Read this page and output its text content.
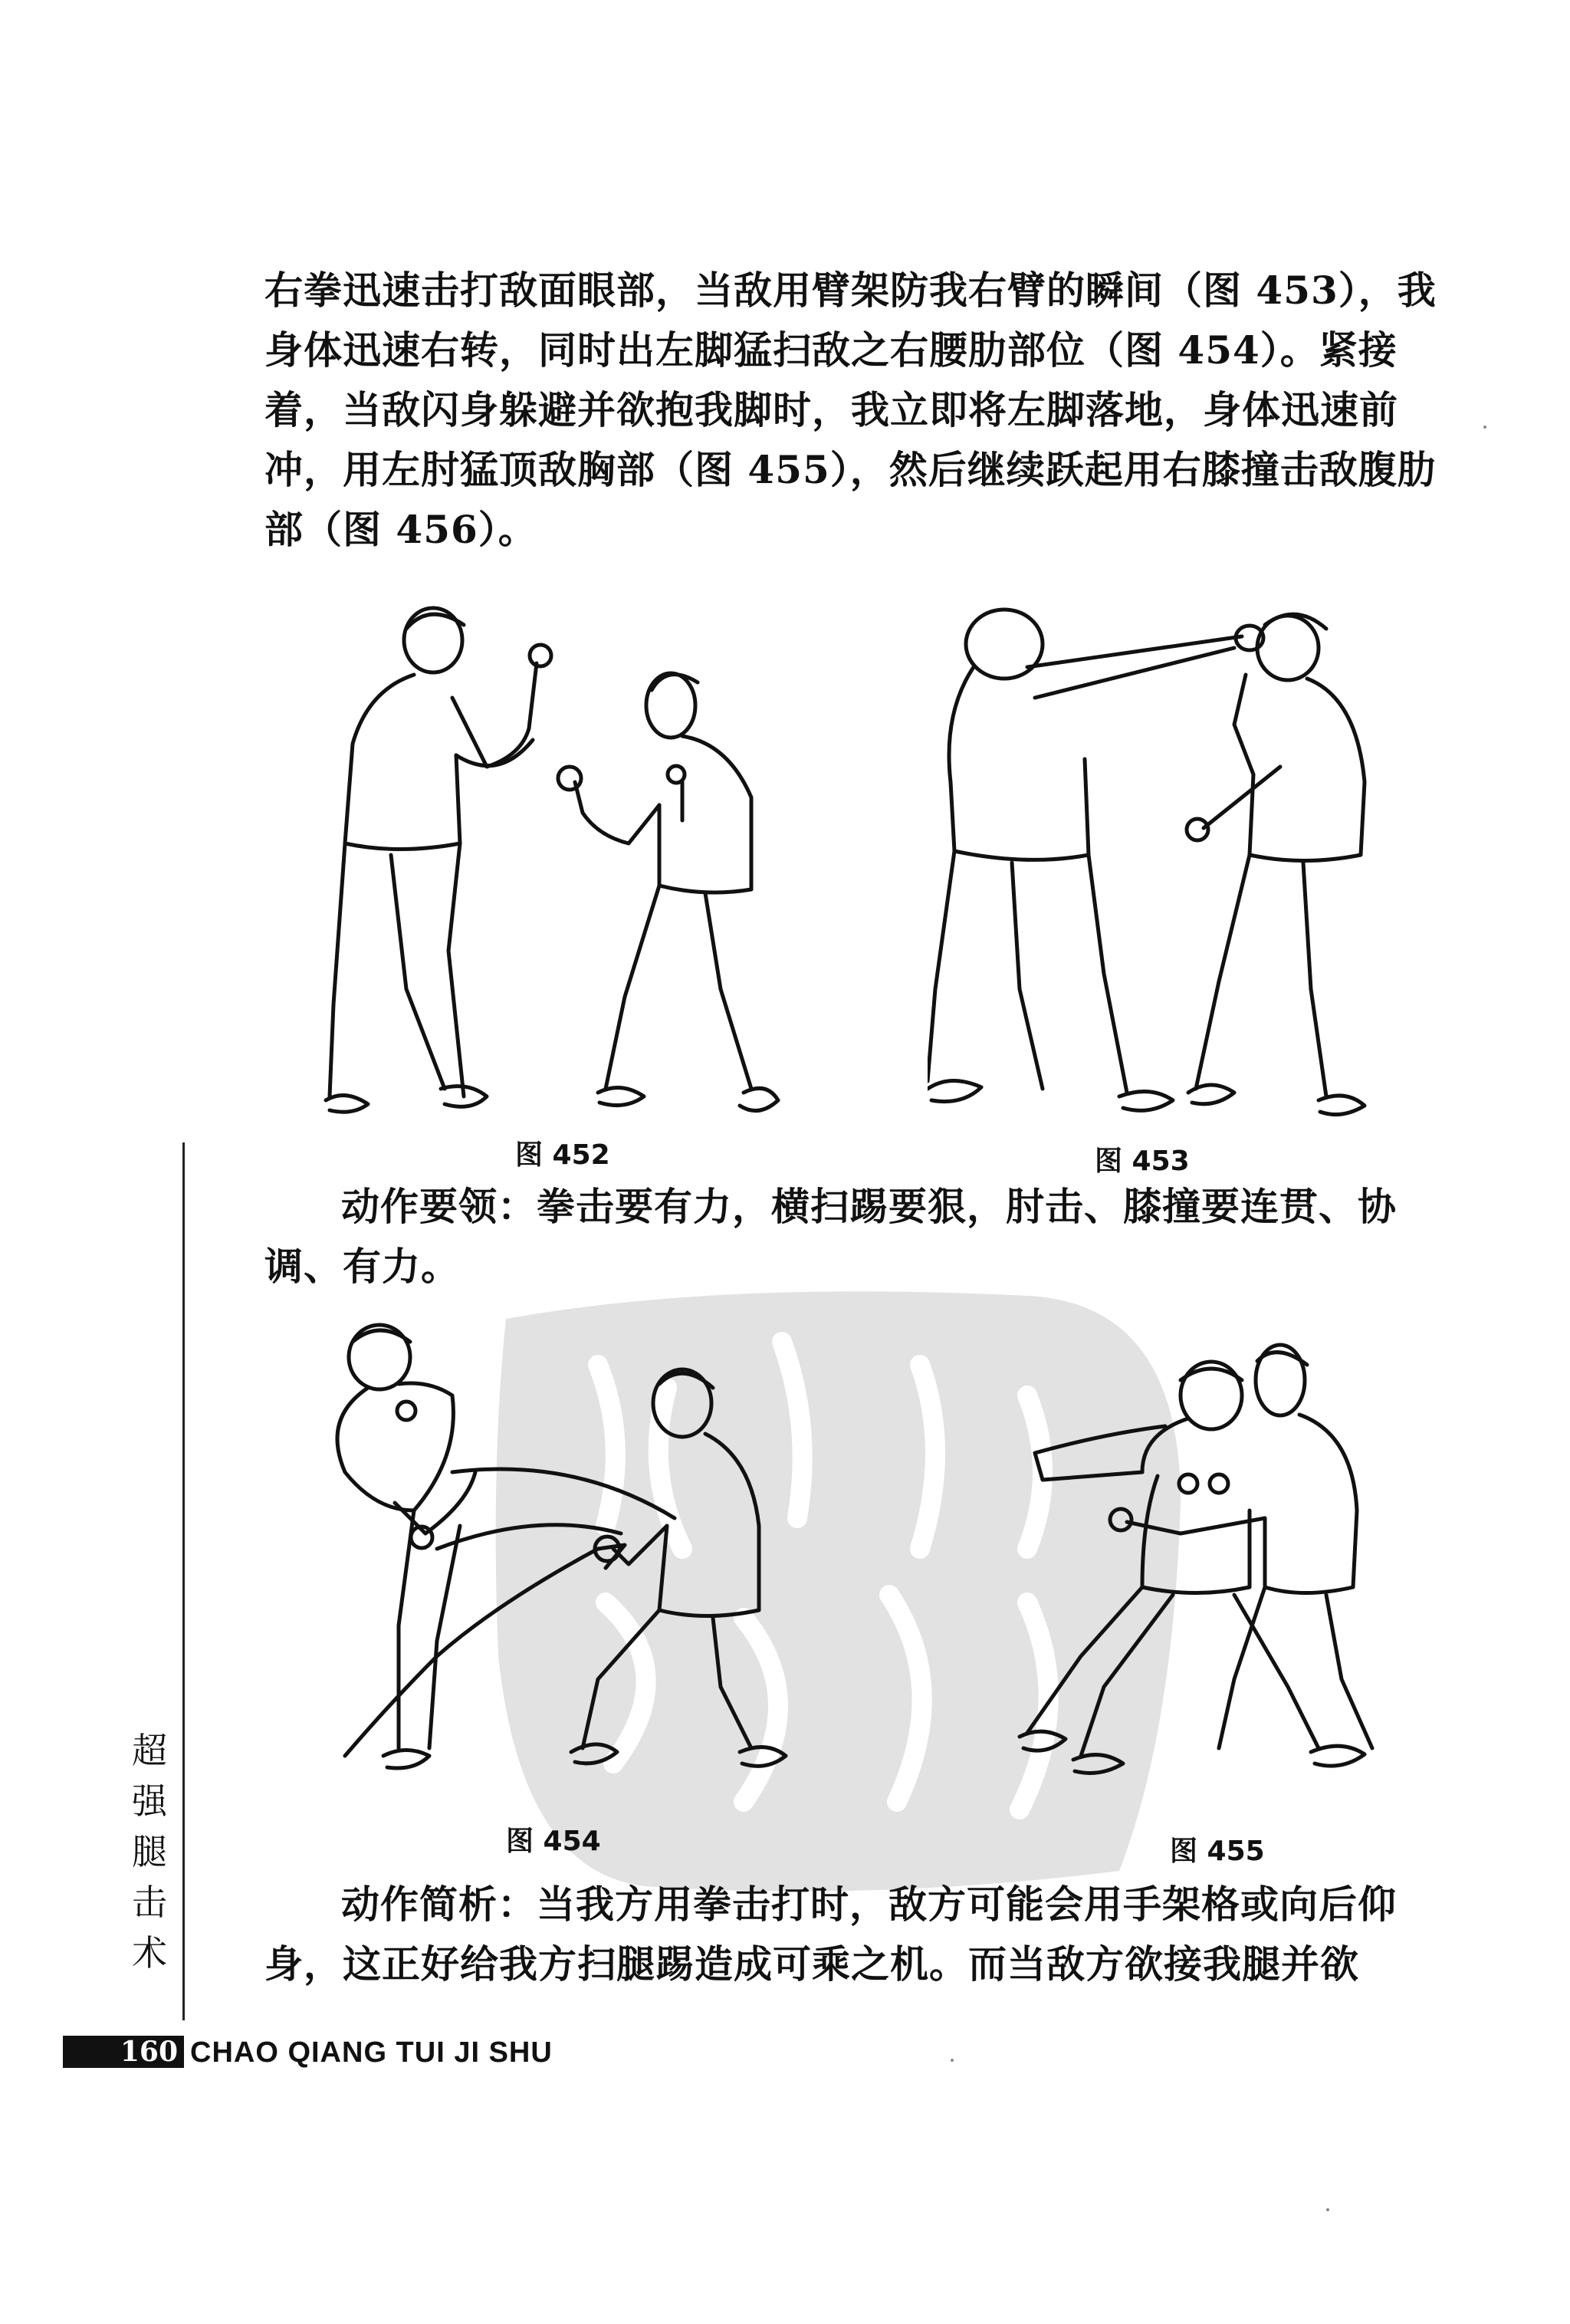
右拳迅速击打敌面眼部，当敌用臂架防我右臂的瞬间（图 453），我身体迅速右转，同时出左脚猛扫敌之右腰肋部位（图 454）。紧接着，当敌闪身躲避并欲抱我脚时，我立即将左脚落地，身体迅速前冲，用左肘猛顶敌胸部（图 455），然后继续跃起用右膝撞击敌腹肋部（图 456）。

图 452	图 453

动作要领：拳击要有力，横扫踢要狠，肘击、膝撞要连贯、协调、有力。

图 454	图 455

动作简析：当我方用拳击打时，敌方可能会用手架格或向后仰身，这正好给我方扫腿踢造成可乘之机。而当敌方欲接我腿并欲

超
强
腿
击
术
160 CHAO QIANG TUI JI SHU
